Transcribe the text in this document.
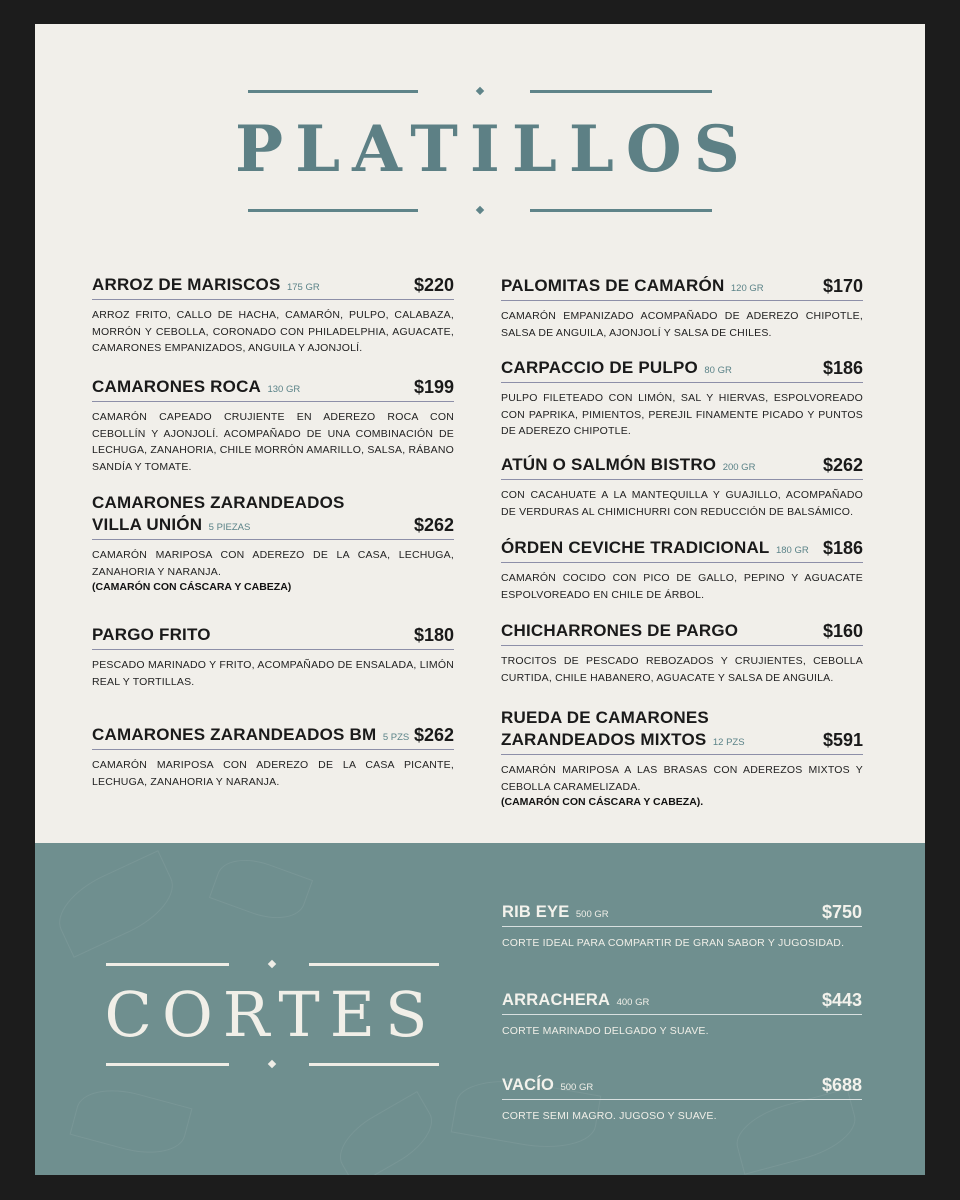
PLATILLOS
ARROZ DE MARISCOS 175 GR	$220
ARROZ FRITO, CALLO DE HACHA, CAMARÓN, PULPO, CALABAZA, MORRÓN Y CEBOLLA, CORONADO CON PHILADELPHIA, AGUACATE, CAMARONES EMPANIZADOS, ANGUILA Y AJONJOLÍ.
CAMARONES ROCA 130 GR	$199
CAMARÓN CAPEADO CRUJIENTE EN ADEREZO ROCA CON CEBOLLÍN Y AJONJOLÍ. ACOMPAÑADO DE UNA COMBINACIÓN DE LECHUGA, ZANAHORIA, CHILE MORRÓN AMARILLO, SALSA, RÁBANO SANDÍA Y TOMATE.
CAMARONES ZARANDEADOS
VILLA UNIÓN 5 PIEZAS	$262
CAMARÓN MARIPOSA CON ADEREZO DE LA CASA, LECHUGA, ZANAHORIA Y NARANJA.
(CAMARÓN CON CÁSCARA Y CABEZA)
PARGO FRITO	$180
PESCADO MARINADO Y FRITO, ACOMPAÑADO DE ENSALADA, LIMÓN REAL Y TORTILLAS.
CAMARONES ZARANDEADOS BM 5 PZS $262
CAMARÓN MARIPOSA CON ADEREZO DE LA CASA PICANTE, LECHUGA, ZANAHORIA Y NARANJA.
PALOMITAS DE CAMARÓN 120 GR	$170
CAMARÓN EMPANIZADO ACOMPAÑADO DE ADEREZO CHIPOTLE, SALSA DE ANGUILA, AJONJOLÍ Y SALSA DE CHILES.
CARPACCIO DE PULPO 80 GR	$186
PULPO FILETEADO CON LIMÓN, SAL Y HIERVAS, ESPOLVOREADO CON PAPRIKA, PIMIENTOS, PEREJIL FINAMENTE PICADO Y PUNTOS DE ADEREZO CHIPOTLE.
ATÚN O SALMÓN BISTRO 200 GR	$262
CON CACAHUATE A LA MANTEQUILLA Y GUAJILLO, ACOMPAÑADO DE VERDURAS AL CHIMICHURRI CON REDUCCIÓN DE BALSÁMICO.
ÓRDEN CEVICHE TRADICIONAL 180 GR $186
CAMARÓN COCIDO CON PICO DE GALLO, PEPINO Y AGUACATE ESPOLVOREADO EN CHILE DE ÁRBOL.
CHICHARRONES DE PARGO	$160
TROCITOS DE PESCADO REBOZADOS Y CRUJIENTES, CEBOLLA CURTIDA, CHILE HABANERO, AGUACATE Y SALSA DE ANGUILA.
RUEDA DE CAMARONES
ZARANDEADOS MIXTOS 12 PZS	$591
CAMARÓN MARIPOSA A LAS BRASAS CON ADEREZOS MIXTOS Y CEBOLLA CARAMELIZADA.
(CAMARÓN CON CÁSCARA Y CABEZA).
CORTES
RIB EYE 500 GR	$750
CORTE IDEAL PARA COMPARTIR DE GRAN SABOR Y JUGOSIDAD.
ARRACHERA 400 GR	$443
CORTE MARINADO DELGADO Y SUAVE.
VACÍO 500 GR	$688
CORTE SEMI MAGRO. JUGOSO Y SUAVE.
